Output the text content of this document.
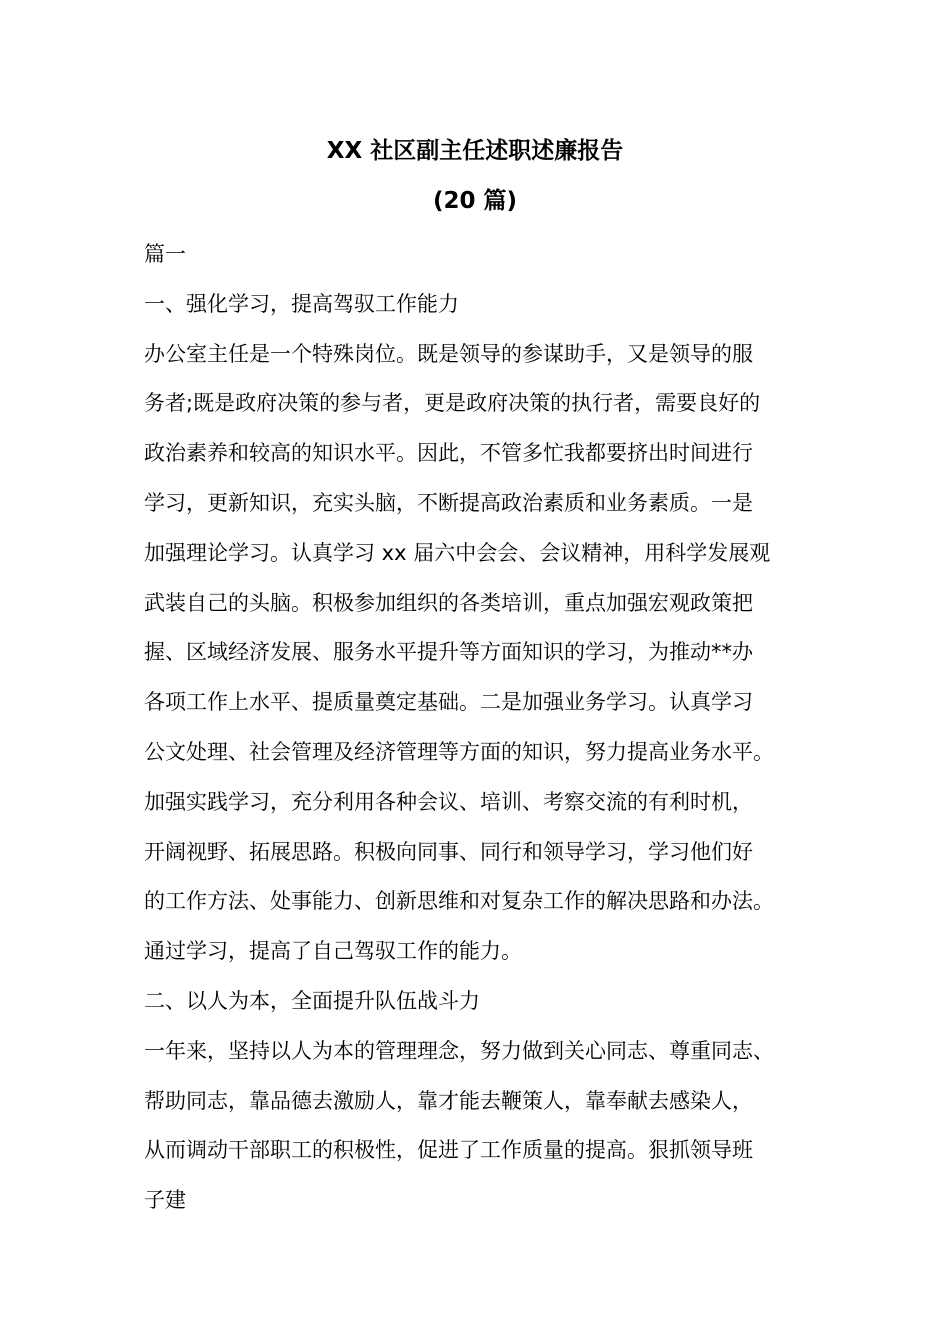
XX 社区副主任述职述廉报告
(20 篇)

篇一

一、强化学习，提高驾驭工作能力

办公室主任是一个特殊岗位。既是领导的参谋助手，又是领导的服

务者;既是政府决策的参与者，更是政府决策的执行者，需要良好的

政治素养和较高的知识水平。因此，不管多忙我都要挤出时间进行

学习，更新知识，充实头脑，不断提高政治素质和业务素质。一是

加强理论学习。认真学习 xx 届六中会会、会议精神，用科学发展观

武装自己的头脑。积极参加组织的各类培训，重点加强宏观政策把

握、区域经济发展、服务水平提升等方面知识的学习，为推动**办

各项工作上水平、提质量奠定基础。二是加强业务学习。认真学习

公文处理、社会管理及经济管理等方面的知识，努力提高业务水平。

加强实践学习，充分利用各种会议、培训、考察交流的有利时机，

开阔视野、拓展思路。积极向同事、同行和领导学习，学习他们好

的工作方法、处事能力、创新思维和对复杂工作的解决思路和办法。

通过学习，提高了自己驾驭工作的能力。

二、以人为本，全面提升队伍战斗力

一年来，坚持以人为本的管理理念，努力做到关心同志、尊重同志、

帮助同志，靠品德去激励人，靠才能去鞭策人，靠奉献去感染人，

从而调动干部职工的积极性，促进了工作质量的提高。狠抓领导班

子建
